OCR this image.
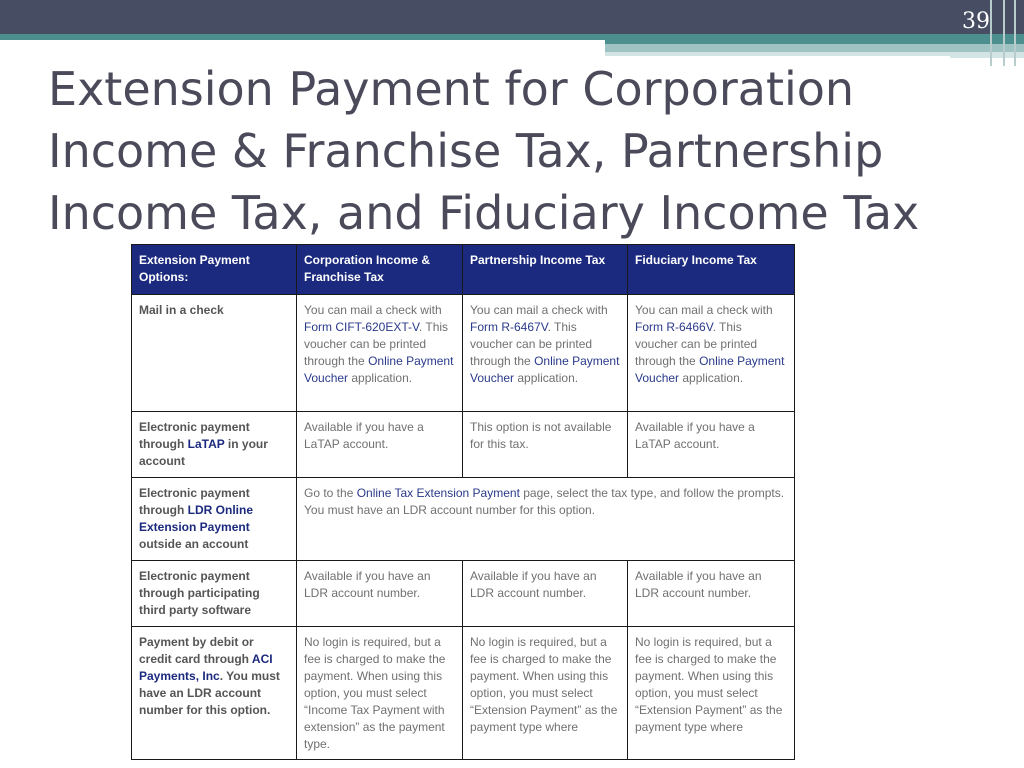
39
Extension Payment for Corporation
Income & Franchise Tax, Partnership
Income Tax, and Fiduciary Income Tax
Extension Payment Options:	Corporation Income & Franchise Tax	Partnership Income Tax	Fiduciary Income Tax
Mail in a check	You can mail a check with Form CIFT-620EXT-V. This voucher can be printed through the Online Payment Voucher application.	You can mail a check with Form R-6467V. This voucher can be printed through the Online Payment Voucher application.	You can mail a check with Form R-6466V. This voucher can be printed through the Online Payment Voucher application.
Electronic payment through LaTAP in your account	Available if you have a LaTAP account.	This option is not available for this tax.	Available if you have a LaTAP account.
Electronic payment through LDR Online Extension Payment outside an account	Go to the Online Tax Extension Payment page, select the tax type, and follow the prompts. You must have an LDR account number for this option.		
Electronic payment through participating third party software	Available if you have an LDR account number.	Available if you have an LDR account number.	Available if you have an LDR account number.
Payment by debit or credit card through ACI Payments, Inc. You must have an LDR account number for this option.	No login is required, but a fee is charged to make the payment. When using this option, you must select “Income Tax Payment with extension” as the payment type.	No login is required, but a fee is charged to make the payment. When using this option, you must select “Extension Payment” as the payment type where	No login is required, but a fee is charged to make the payment. When using this option, you must select “Extension Payment” as the payment type where
